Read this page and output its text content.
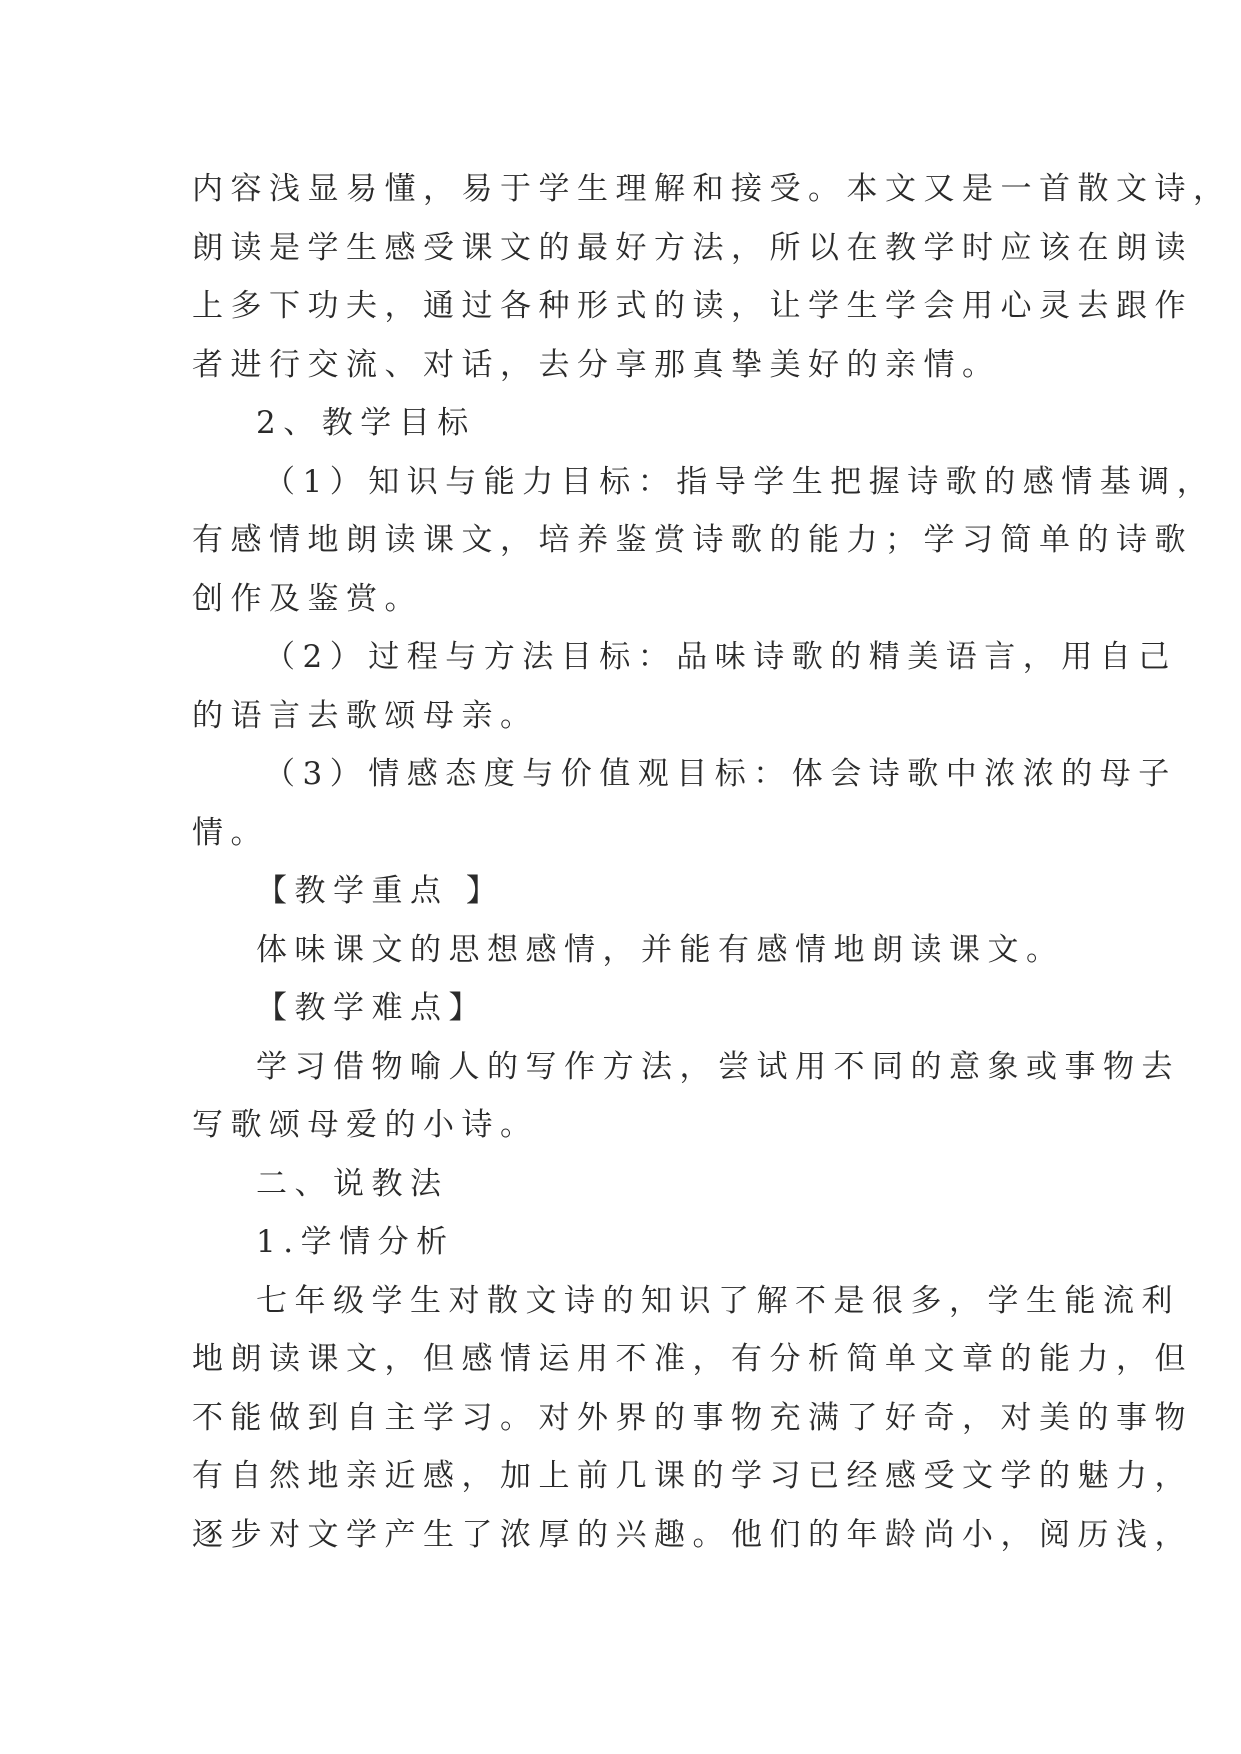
内容浅显易懂，易于学生理解和接受。本文又是一首散文诗，
朗读是学生感受课文的最好方法，所以在教学时应该在朗读
上多下功夫，通过各种形式的读，让学生学会用心灵去跟作
者进行交流、对话，去分享那真挚美好的亲情。
2、教学目标
（1）知识与能力目标：指导学生把握诗歌的感情基调，
有感情地朗读课文，培养鉴赏诗歌的能力；学习简单的诗歌
创作及鉴赏。
（2）过程与方法目标：品味诗歌的精美语言，用自己
的语言去歌颂母亲。
（3）情感态度与价值观目标：体会诗歌中浓浓的母子
情。
【教学重点 】
体味课文的思想感情，并能有感情地朗读课文。
【教学难点】
学习借物喻人的写作方法，尝试用不同的意象或事物去
写歌颂母爱的小诗。
二、说教法
1.学情分析
七年级学生对散文诗的知识了解不是很多，学生能流利
地朗读课文，但感情运用不准，有分析简单文章的能力，但
不能做到自主学习。对外界的事物充满了好奇，对美的事物
有自然地亲近感，加上前几课的学习已经感受文学的魅力，
逐步对文学产生了浓厚的兴趣。他们的年龄尚小，阅历浅，
